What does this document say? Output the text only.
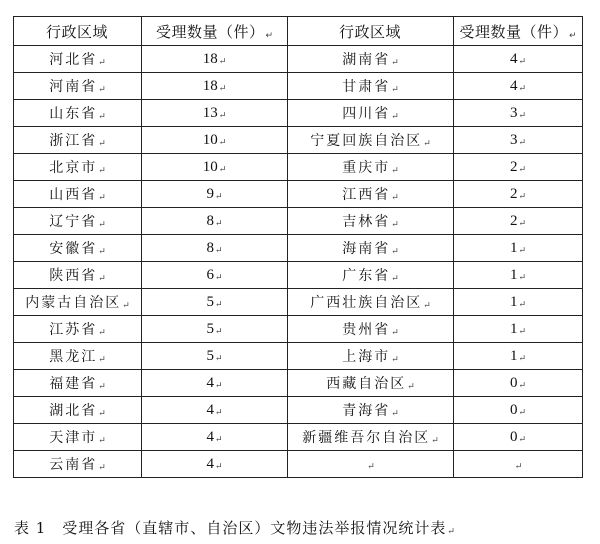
行政区域	受理数量（件）↵	行政区域	受理数量（件）↵
河北省↵	18↵	湖南省↵	4↵
河南省↵	18↵	甘肃省↵	4↵
山东省↵	13↵	四川省↵	3↵
浙江省↵	10↵	宁夏回族自治区↵	3↵
北京市↵	10↵	重庆市↵	2↵
山西省↵	9↵	江西省↵	2↵
辽宁省↵	8↵	吉林省↵	2↵
安徽省↵	8↵	海南省↵	1↵
陕西省↵	6↵	广东省↵	1↵
内蒙古自治区↵	5↵	广西壮族自治区↵	1↵
江苏省↵	5↵	贵州省↵	1↵
黑龙江↵	5↵	上海市↵	1↵
福建省↵	4↵	西藏自治区↵	0↵
湖北省↵	4↵	青海省↵	0↵
天津市↵	4↵	新疆维吾尔自治区↵	0↵
云南省↵	4↵	↵	↵
表 1　受理各省（直辖市、自治区）文物违法举报情况统计表↵
